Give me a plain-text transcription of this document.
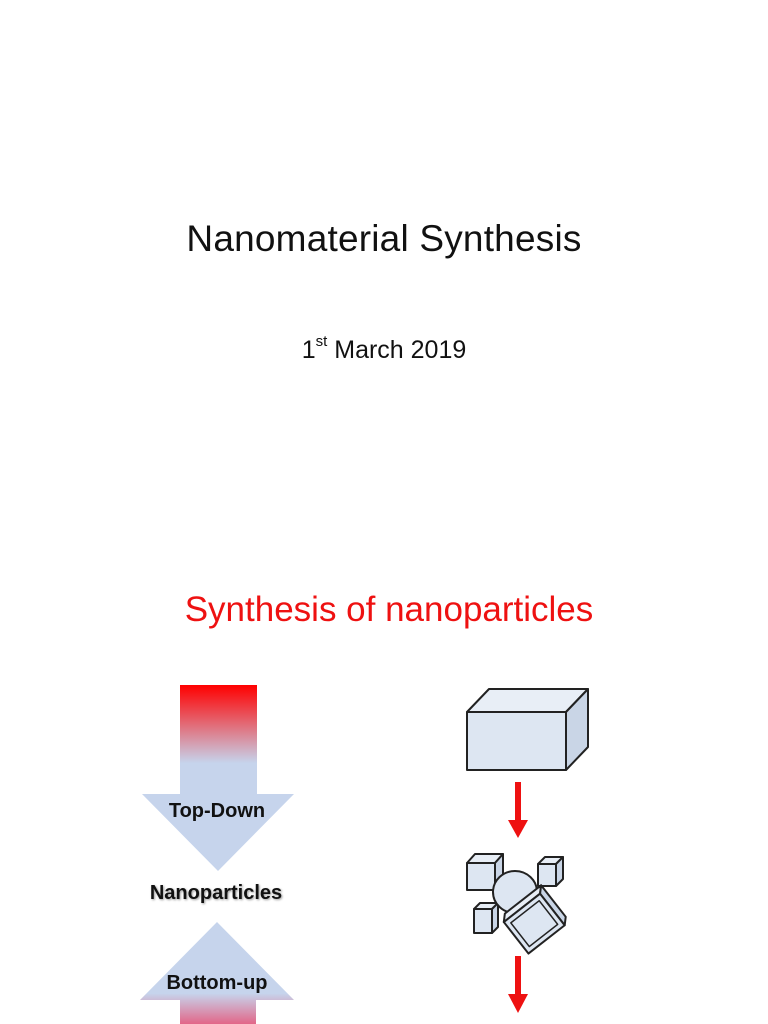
Nanomaterial Synthesis
1st March 2019
Synthesis of nanoparticles
Top-Down
Nanoparticles
Bottom-up
